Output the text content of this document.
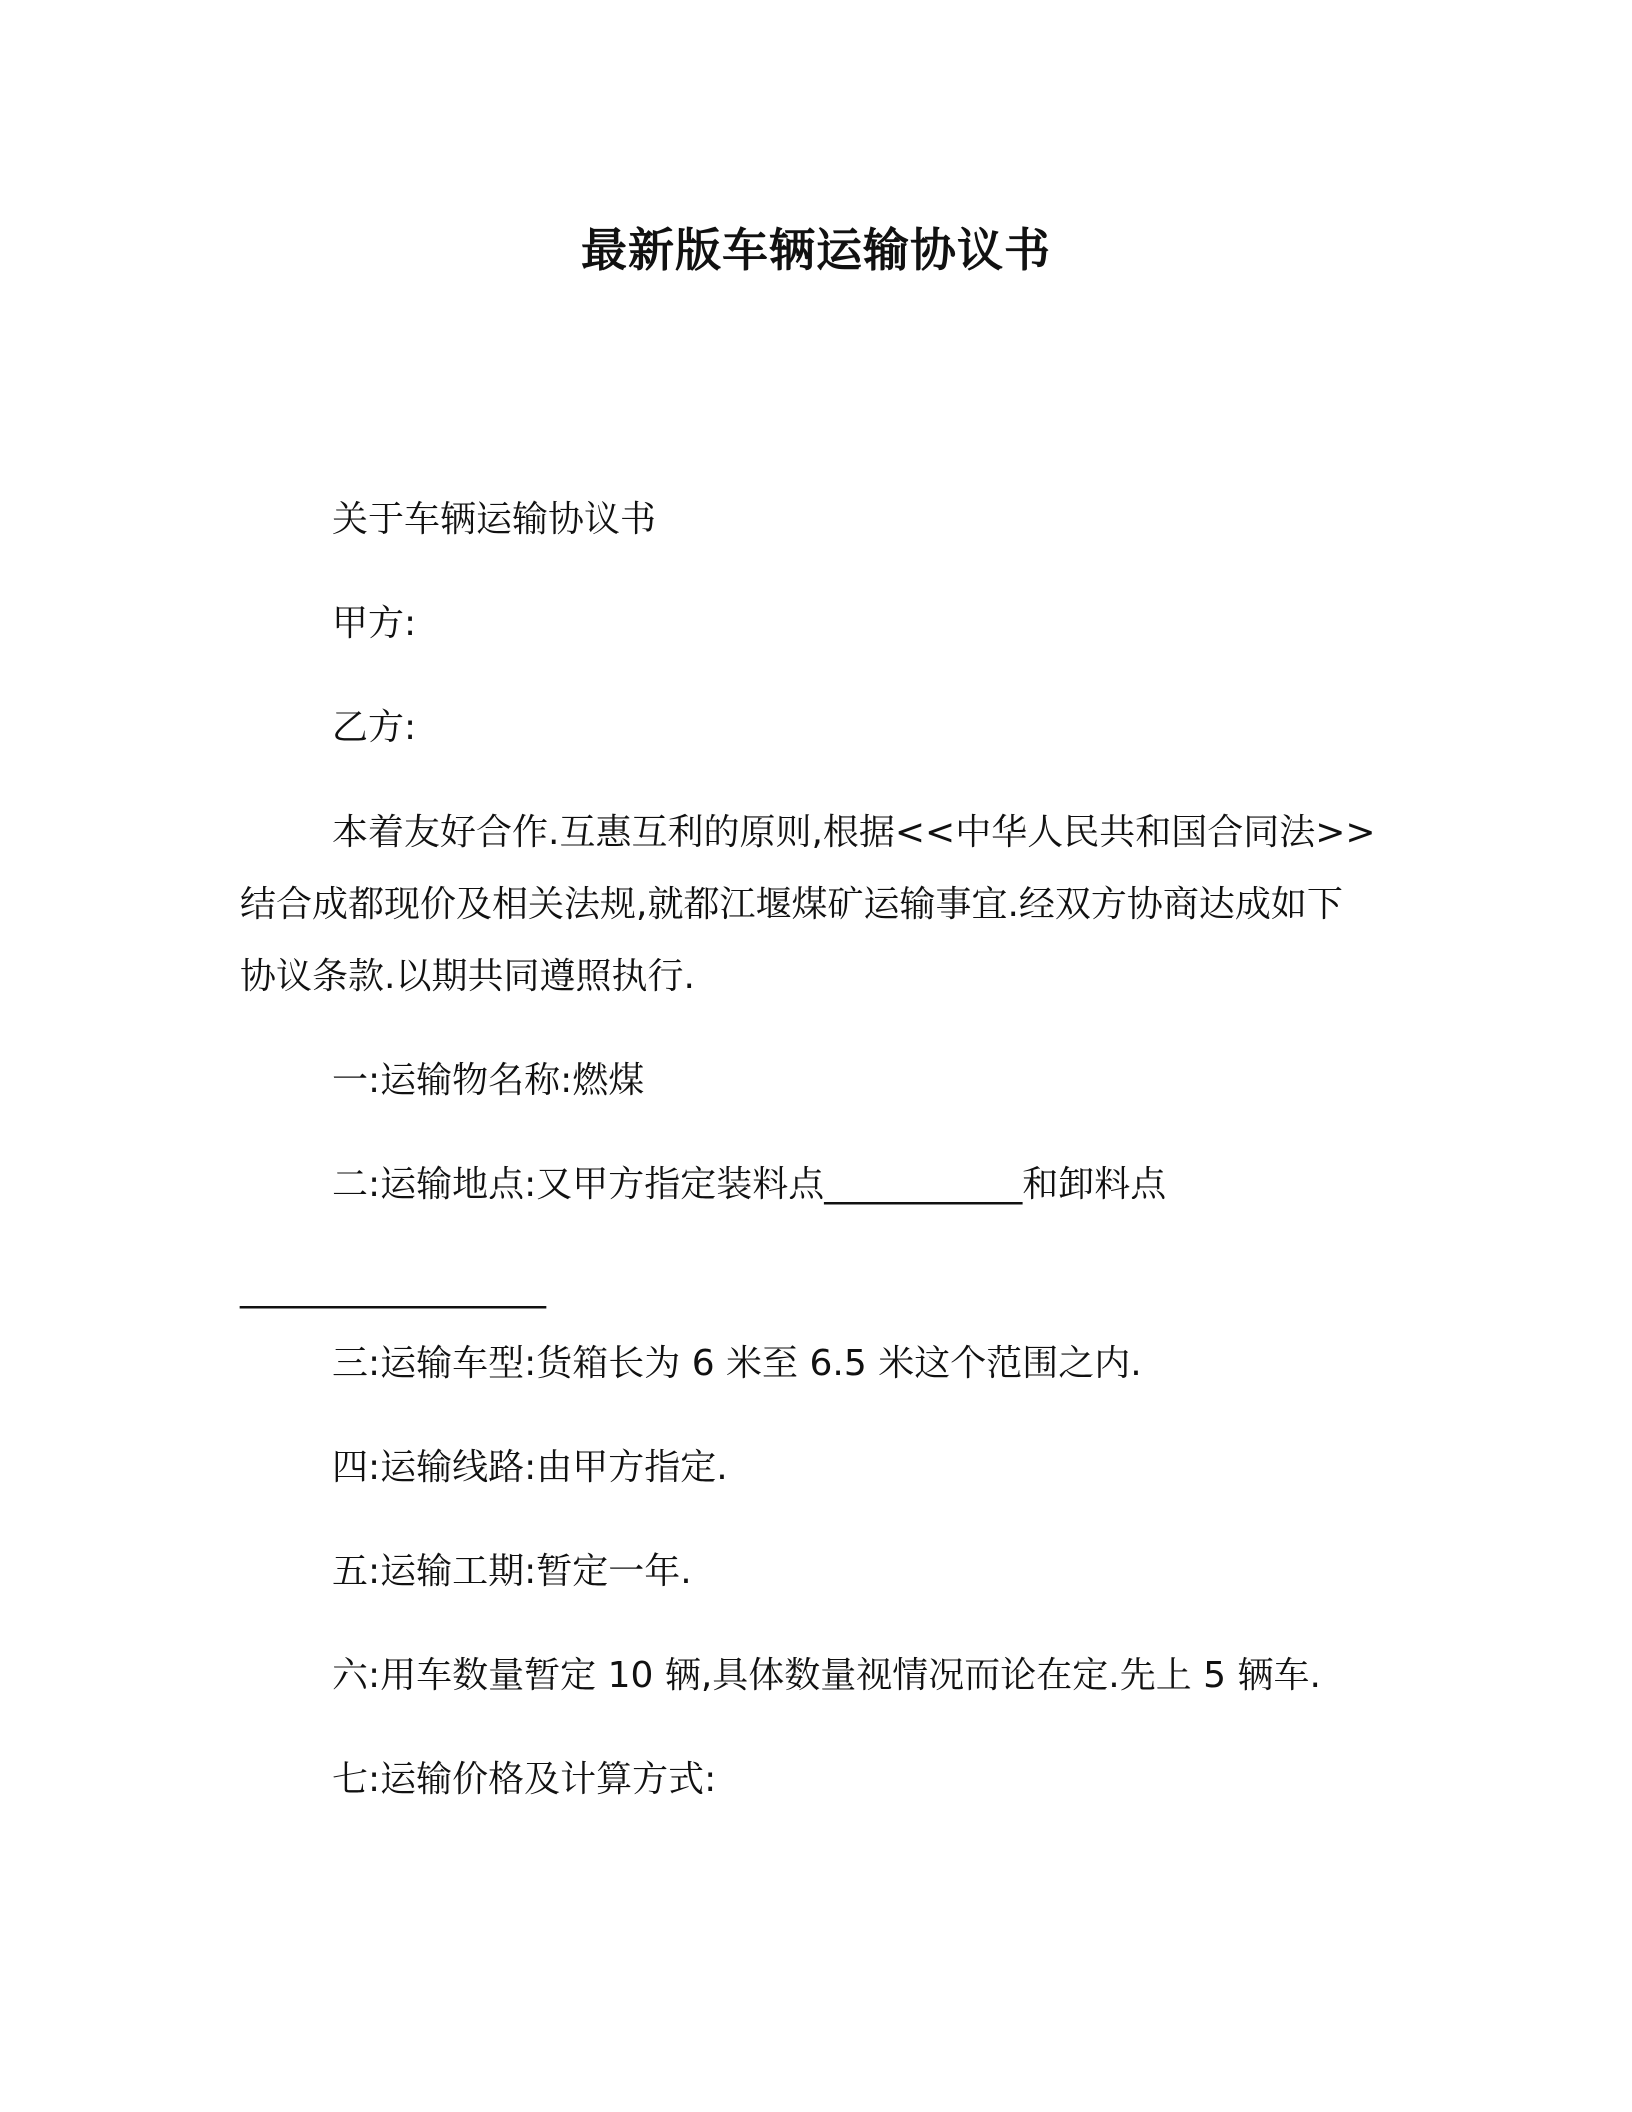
最新版车辆运输协议书
关于车辆运输协议书
甲方:
乙方:
本着友好合作.互惠互利的原则,根据<<中华人民共和国合同法>>
结合成都现价及相关法规,就都江堰煤矿运输事宜.经双方协商达成如下
协议条款.以期共同遵照执行.
一:运输物名称:燃煤
二:运输地点:又甲方指定装料点___________和卸料点
_________________
三:运输车型:货箱长为 6 米至 6.5 米这个范围之内.
四:运输线路:由甲方指定.
五:运输工期:暂定一年.
六:用车数量暂定 10 辆,具体数量视情况而论在定.先上 5 辆车.
七:运输价格及计算方式:
